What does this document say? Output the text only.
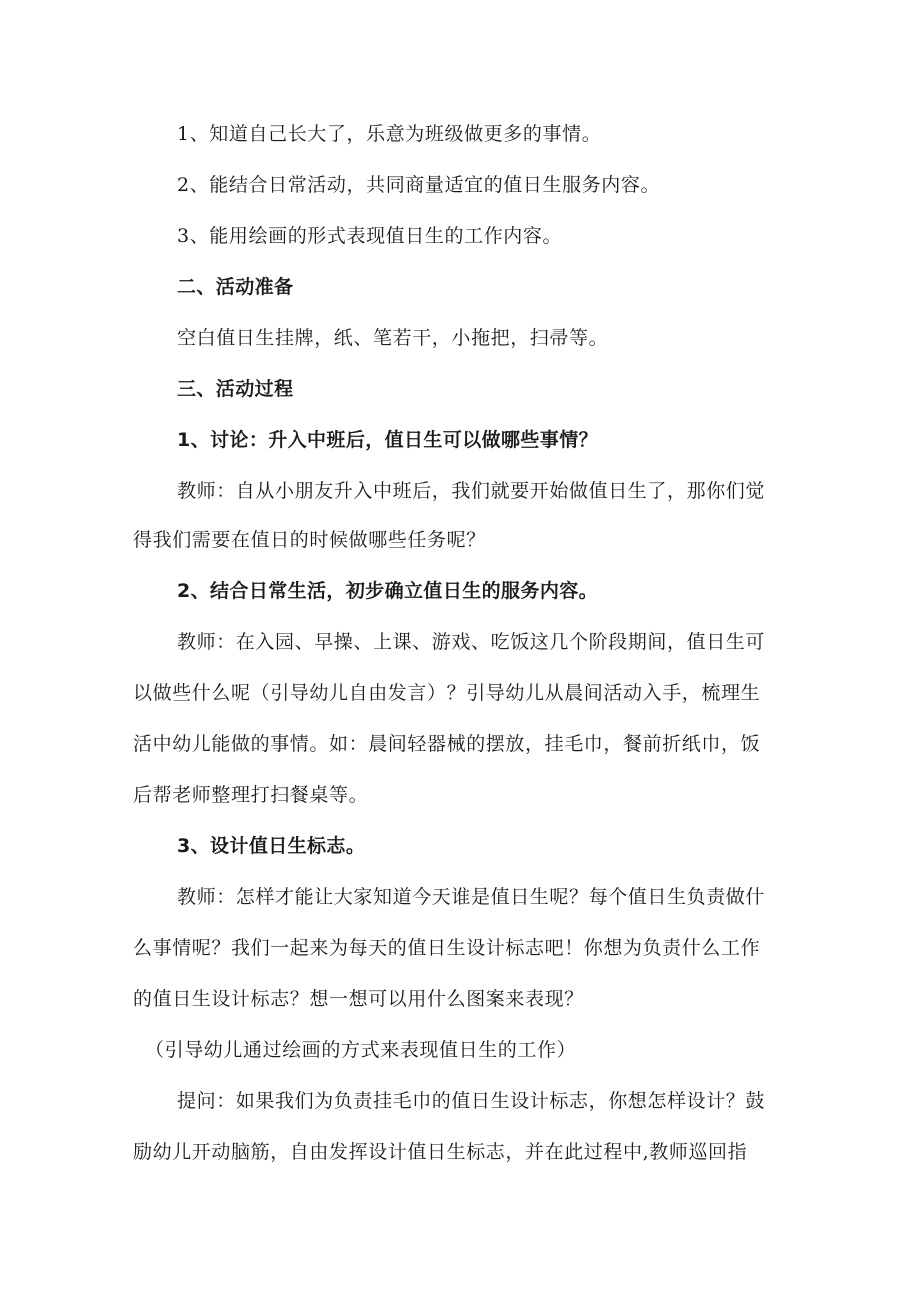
1、知道自己长大了，乐意为班级做更多的事情。
2、能结合日常活动，共同商量适宜的值日生服务内容。
3、能用绘画的形式表现值日生的工作内容。
二、活动准备
空白值日生挂牌，纸、笔若干，小拖把，扫帚等。
三、活动过程
1、讨论：升入中班后，值日生可以做哪些事情？
教师：自从小朋友升入中班后，我们就要开始做值日生了，那你们觉
得我们需要在值日的时候做哪些任务呢？
2、结合日常生活，初步确立值日生的服务内容。
教师：在入园、早操、上课、游戏、吃饭这几个阶段期间，值日生可
以做些什么呢（引导幼儿自由发言）？引导幼儿从晨间活动入手，梳理生
活中幼儿能做的事情。如：晨间轻器械的摆放，挂毛巾，餐前折纸巾，饭
后帮老师整理打扫餐桌等。
3、设计值日生标志。
教师：怎样才能让大家知道今天谁是值日生呢？每个值日生负责做什
么事情呢？我们一起来为每天的值日生设计标志吧！你想为负责什么工作
的值日生设计标志？想一想可以用什么图案来表现？
（引导幼儿通过绘画的方式来表现值日生的工作）
提问：如果我们为负责挂毛巾的值日生设计标志，你想怎样设计？鼓
励幼儿开动脑筋，自由发挥设计值日生标志，并在此过程中,教师巡回指
